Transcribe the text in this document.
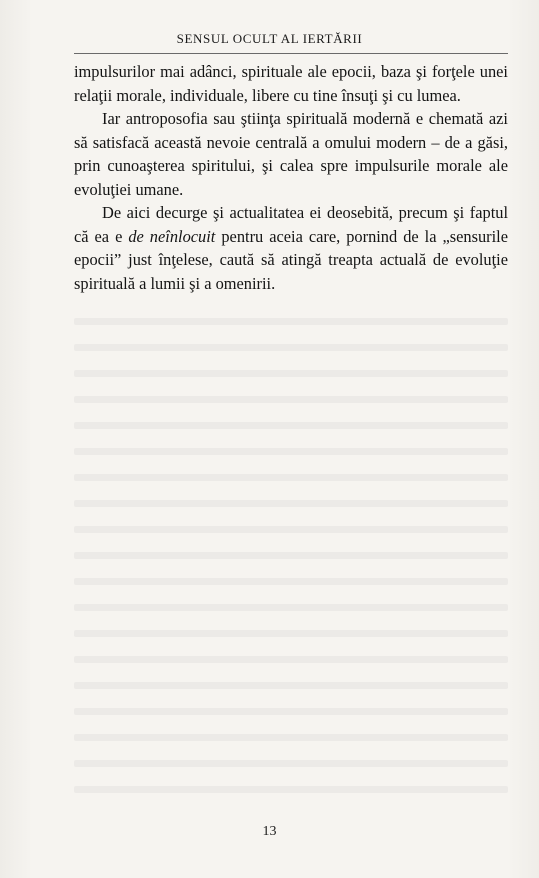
SENSUL OCULT AL IERTĂRII

impulsurilor mai adânci, spirituale ale epocii, baza şi forţele unei relaţii morale, individuale, libere cu tine însuţi şi cu lumea.

Iar antroposofia sau ştiinţa spirituală modernă e chemată azi să satisfacă această nevoie centrală a omului modern – de a găsi, prin cunoaşterea spiritului, şi calea spre impulsurile morale ale evoluţiei umane.

De aici decurge şi actualitatea ei deosebită, precum şi faptul că ea e de neînlocuit pentru aceia care, pornind de la „sensurile epocii” just înţelese, caută să atingă treapta actuală de evoluţie spirituală a lumii şi a omenirii.

13
